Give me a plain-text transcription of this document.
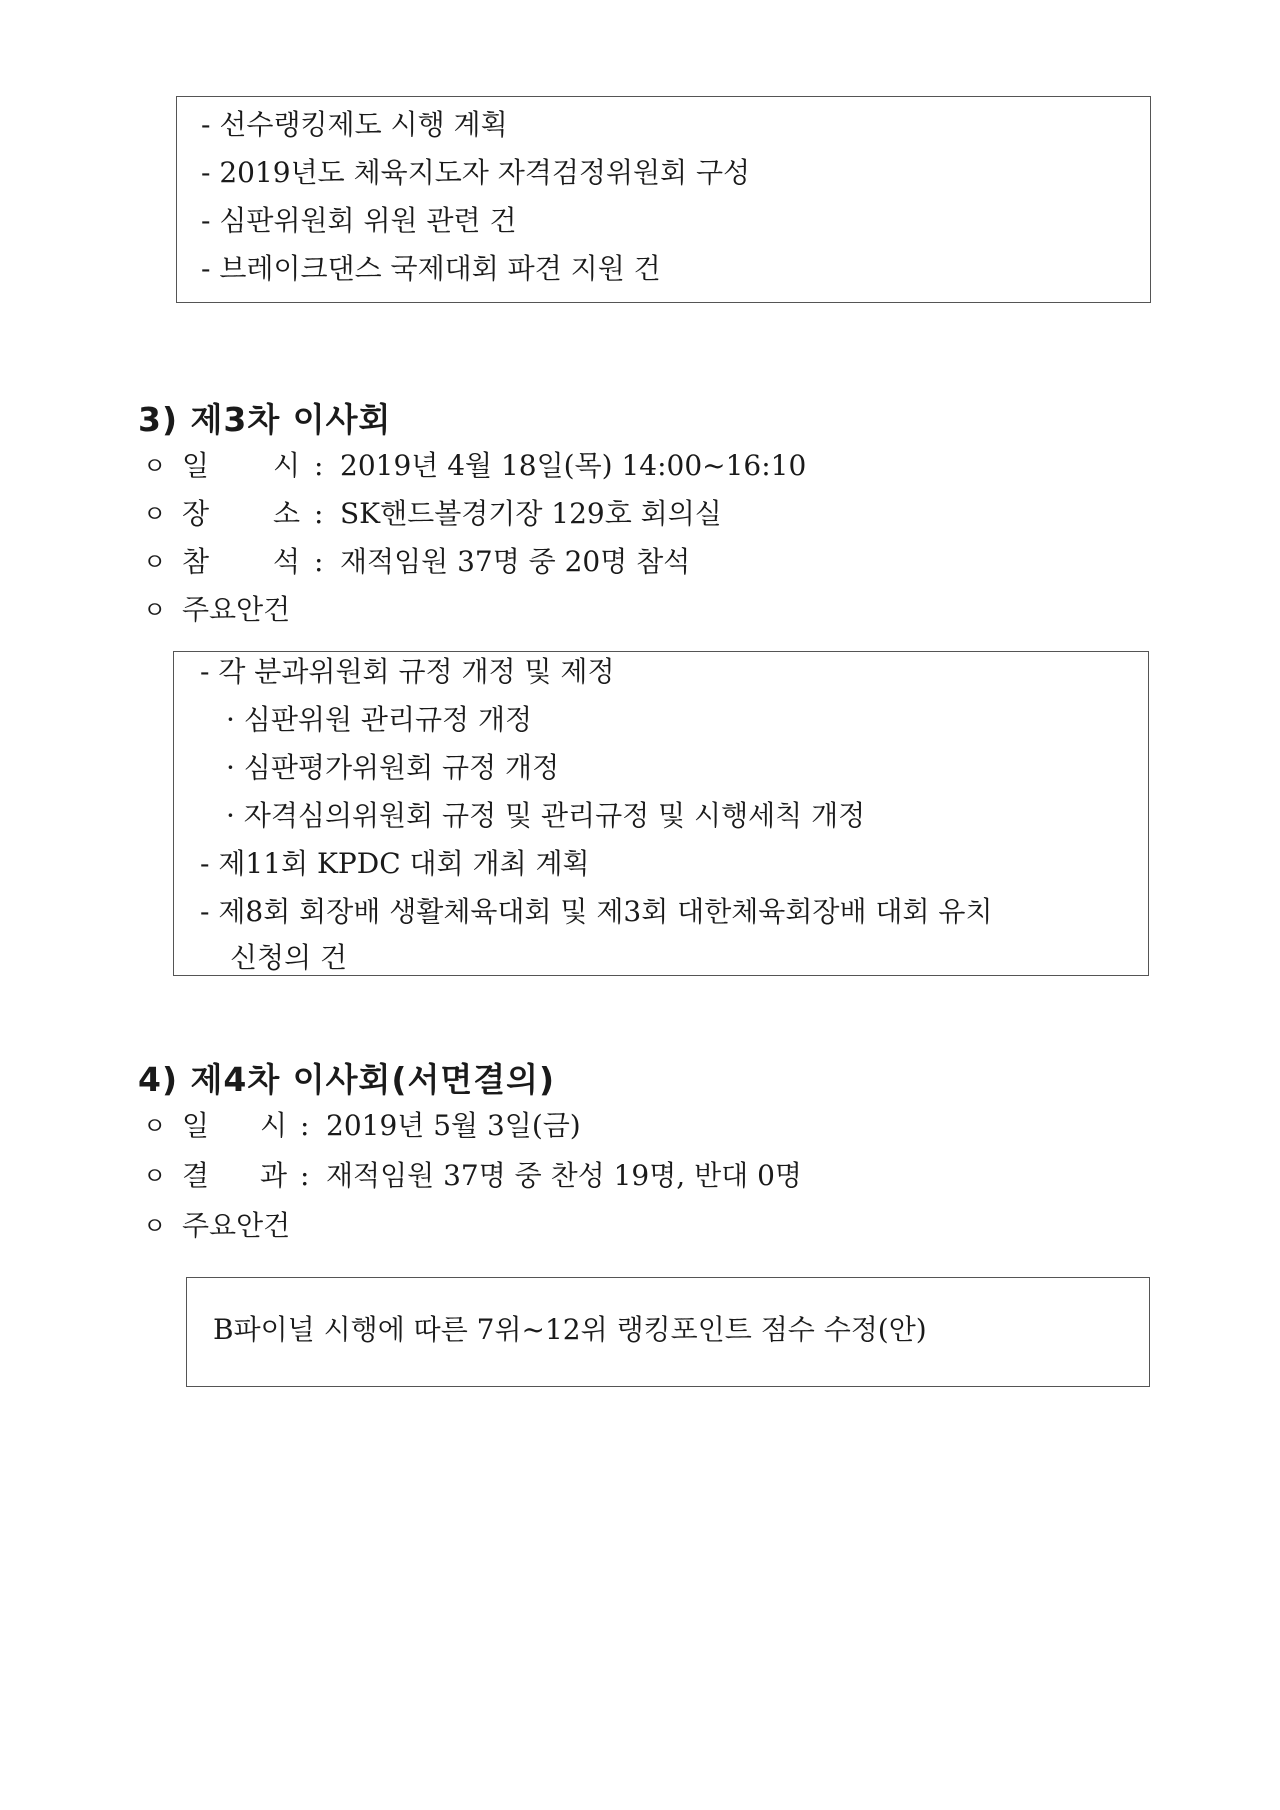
- 선수랭킹제도 시행 계획
- 2019년도 체육지도자 자격검정위원회 구성
- 심판위원회 위원 관련 건
- 브레이크댄스 국제대회 파견 지원 건
3) 제3차 이사회
ㅇ 일 시 : 2019년 4월 18일(목) 14:00~16:10
ㅇ 장 소 : SK핸드볼경기장 129호 회의실
ㅇ 참 석 : 재적임원 37명 중 20명 참석
ㅇ 주요안건
- 각 분과위원회 규정 개정 및 제정
· 심판위원 관리규정 개정
· 심판평가위원회 규정 개정
· 자격심의위원회 규정 및 관리규정 및 시행세칙 개정
- 제11회 KPDC 대회 개최 계획
- 제8회 회장배 생활체육대회 및 제3회 대한체육회장배 대회 유치
신청의 건
4) 제4차 이사회(서면결의)
ㅇ 일 시 : 2019년 5월 3일(금)
ㅇ 결 과 : 재적임원 37명 중 찬성 19명, 반대 0명
ㅇ 주요안건
B파이널 시행에 따른 7위~12위 랭킹포인트 점수 수정(안)
